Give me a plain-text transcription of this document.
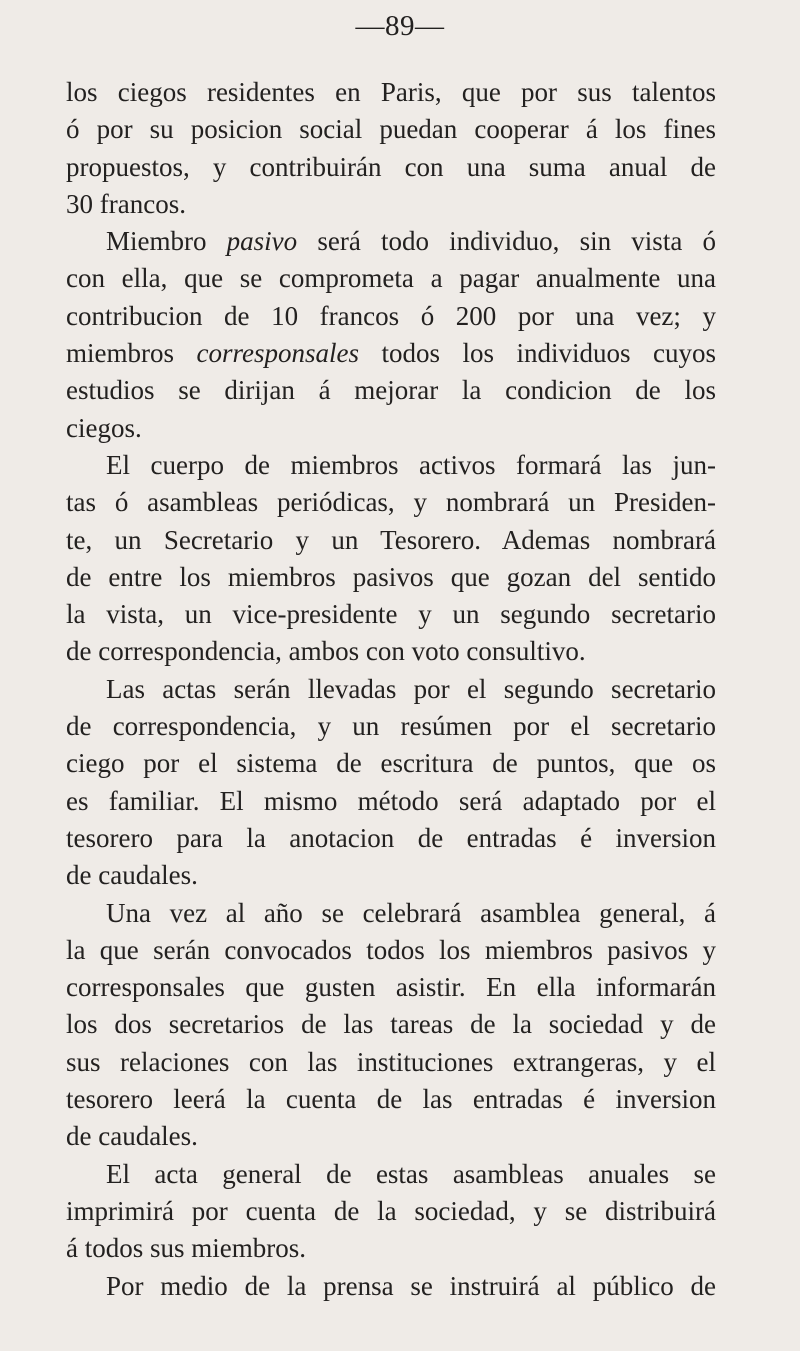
—89—
los ciegos residentes en Paris, que por sus talentos
ó por su posicion social puedan cooperar á los fines
propuestos, y contribuirán con una suma anual de
30 francos.
Miembro pasivo será todo individuo, sin vista ó
con ella, que se comprometa a pagar anualmente una
contribucion de 10 francos ó 200 por una vez; y
miembros corresponsales todos los individuos cuyos
estudios se dirijan á mejorar la condicion de los
ciegos.
El cuerpo de miembros activos formará las jun-
tas ó asambleas periódicas, y nombrará un Presiden-
te, un Secretario y un Tesorero. Ademas nombrará
de entre los miembros pasivos que gozan del sentido
la vista, un vice-presidente y un segundo secretario
de correspondencia, ambos con voto consultivo.
Las actas serán llevadas por el segundo secretario
de correspondencia, y un resúmen por el secretario
ciego por el sistema de escritura de puntos, que os
es familiar. El mismo método será adaptado por el
tesorero para la anotacion de entradas é inversion
de caudales.
Una vez al año se celebrará asamblea general, á
la que serán convocados todos los miembros pasivos y
corresponsales que gusten asistir. En ella informarán
los dos secretarios de las tareas de la sociedad y de
sus relaciones con las instituciones extrangeras, y el
tesorero leerá la cuenta de las entradas é inversion
de caudales.
El acta general de estas asambleas anuales se
imprimirá por cuenta de la sociedad, y se distribuirá
á todos sus miembros.
Por medio de la prensa se instruirá al público de
